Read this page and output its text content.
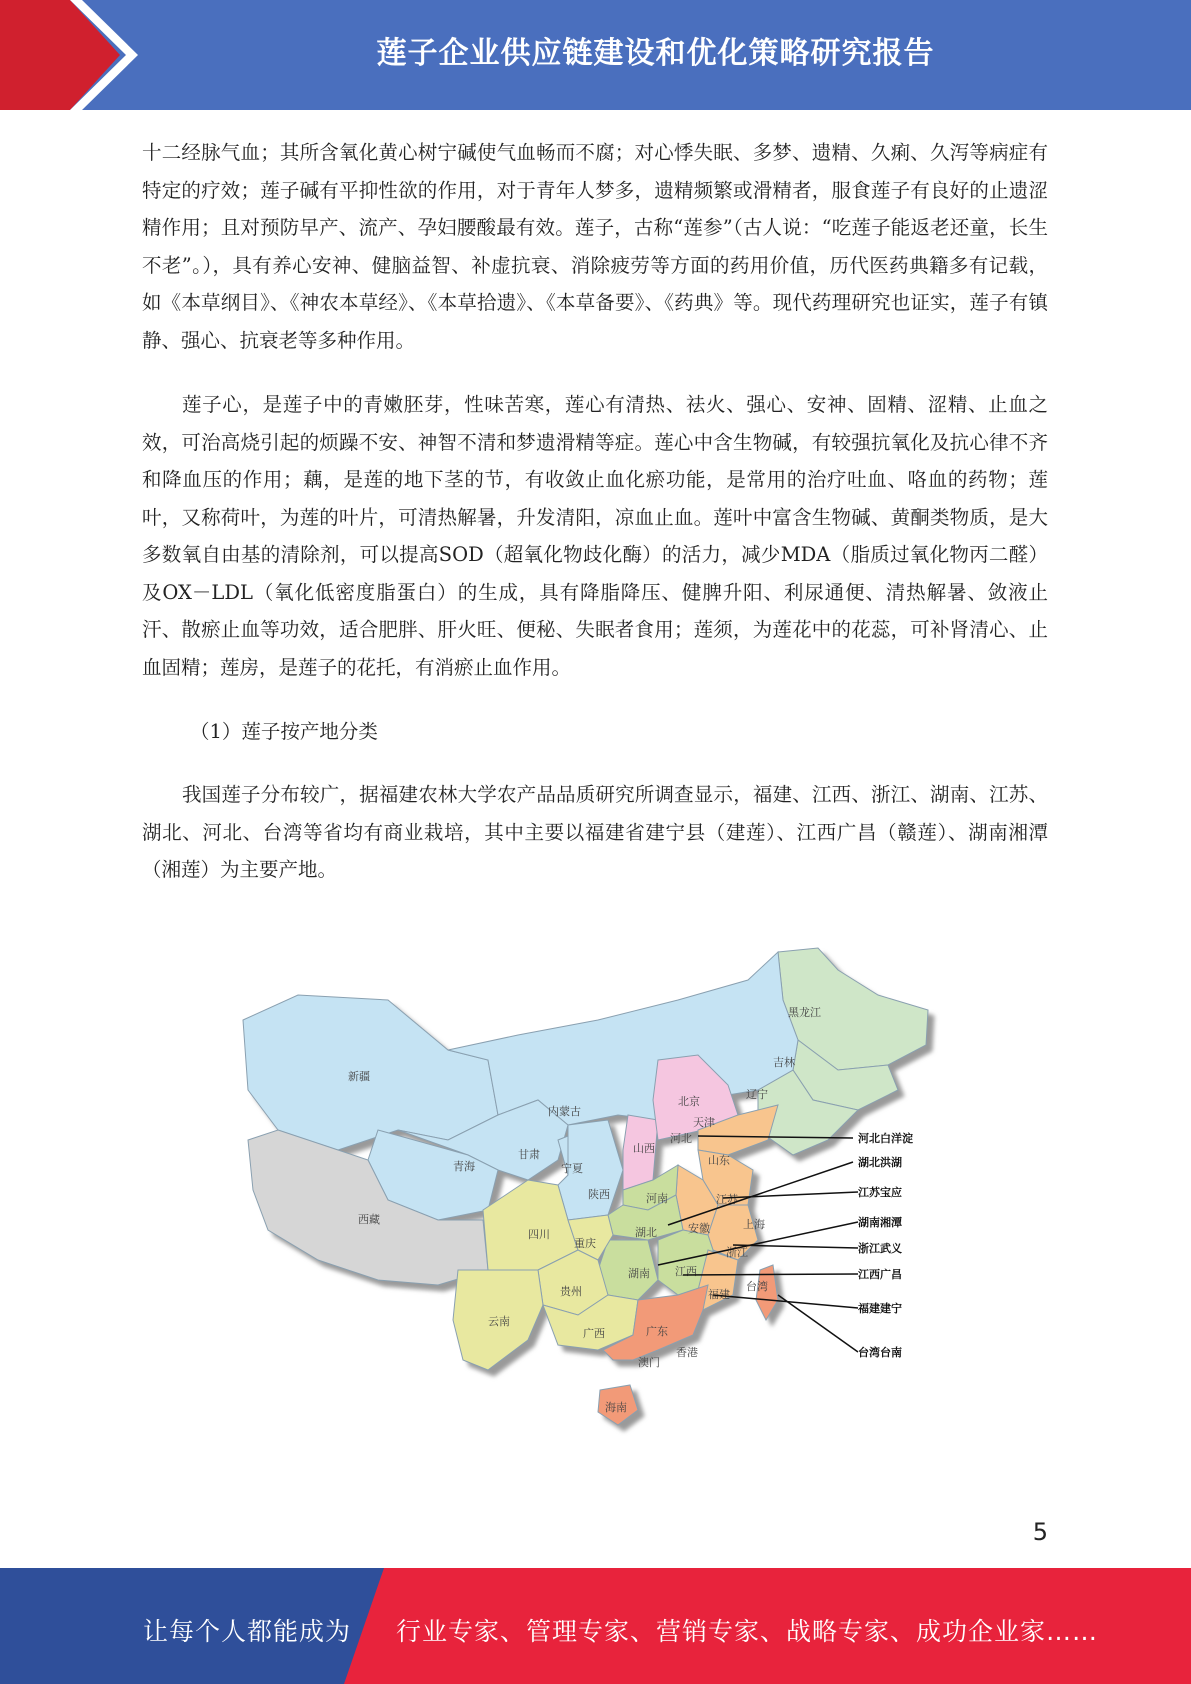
莲子企业供应链建设和优化策略研究报告

十二经脉气血；其所含氧化黄心树宁碱使气血畅而不腐；对心悸失眠、多梦、遗精、久痢、久泻等病症有特定的疗效；莲子碱有平抑性欲的作用，对于青年人梦多，遗精频繁或滑精者，服食莲子有良好的止遗涩精作用；且对预防早产、流产、孕妇腰酸最有效。莲子，古称“莲参”（古人说：“吃莲子能返老还童，长生不老”。），具有养心安神、健脑益智、补虚抗衰、消除疲劳等方面的药用价值，历代医药典籍多有记载，如《本草纲目》、《神农本草经》、《本草拾遗》、《本草备要》、《药典》等。现代药理研究也证实，莲子有镇静、强心、抗衰老等多种作用。

莲子心，是莲子中的青嫩胚芽，性味苦寒，莲心有清热、祛火、强心、安神、固精、涩精、止血之效，可治高烧引起的烦躁不安、神智不清和梦遗滑精等症。莲心中含生物碱，有较强抗氧化及抗心律不齐和降血压的作用；藕，是莲的地下茎的节，有收敛止血化瘀功能，是常用的治疗吐血、咯血的药物；莲叶，又称荷叶，为莲的叶片，可清热解暑，升发清阳，凉血止血。莲叶中富含生物碱、黄酮类物质，是大多数氧自由基的清除剂，可以提高SOD（超氧化物歧化酶）的活力，减少MDA（脂质过氧化物丙二醛）及OX－LDL（氧化低密度脂蛋白）的生成，具有降脂降压、健脾升阳、利尿通便、清热解暑、敛液止汗、散瘀止血等功效，适合肥胖、肝火旺、便秘、失眠者食用；莲须，为莲花中的花蕊，可补肾清心、止血固精；莲房，是莲子的花托，有消瘀止血作用。

（1）莲子按产地分类

我国莲子分布较广，据福建农林大学农产品品质研究所调查显示，福建、江西、浙江、湖南、江苏、湖北、河北、台湾等省均有商业栽培，其中主要以福建省建宁县（建莲）、江西广昌（赣莲）、湖南湘潭（湘莲）为主要产地。

新疆
西藏
青海
甘肃
内蒙古
宁夏
陕西
山西
北京
天津
河北
辽宁
吉林
黑龙江
山东
河南	江苏
上海
安徽
浙江
湖北
四川
重庆
贵州
云南
湖南 江西
福建
广西	广东
海南
台湾
香港
澳门
河北白洋淀
湖北洪湖
江苏宝应
湖南湘潭
浙江武义
江西广昌
福建建宁
台湾台南
5
让每个人都能成为 行业专家、管理专家、营销专家、战略专家、成功企业家……
